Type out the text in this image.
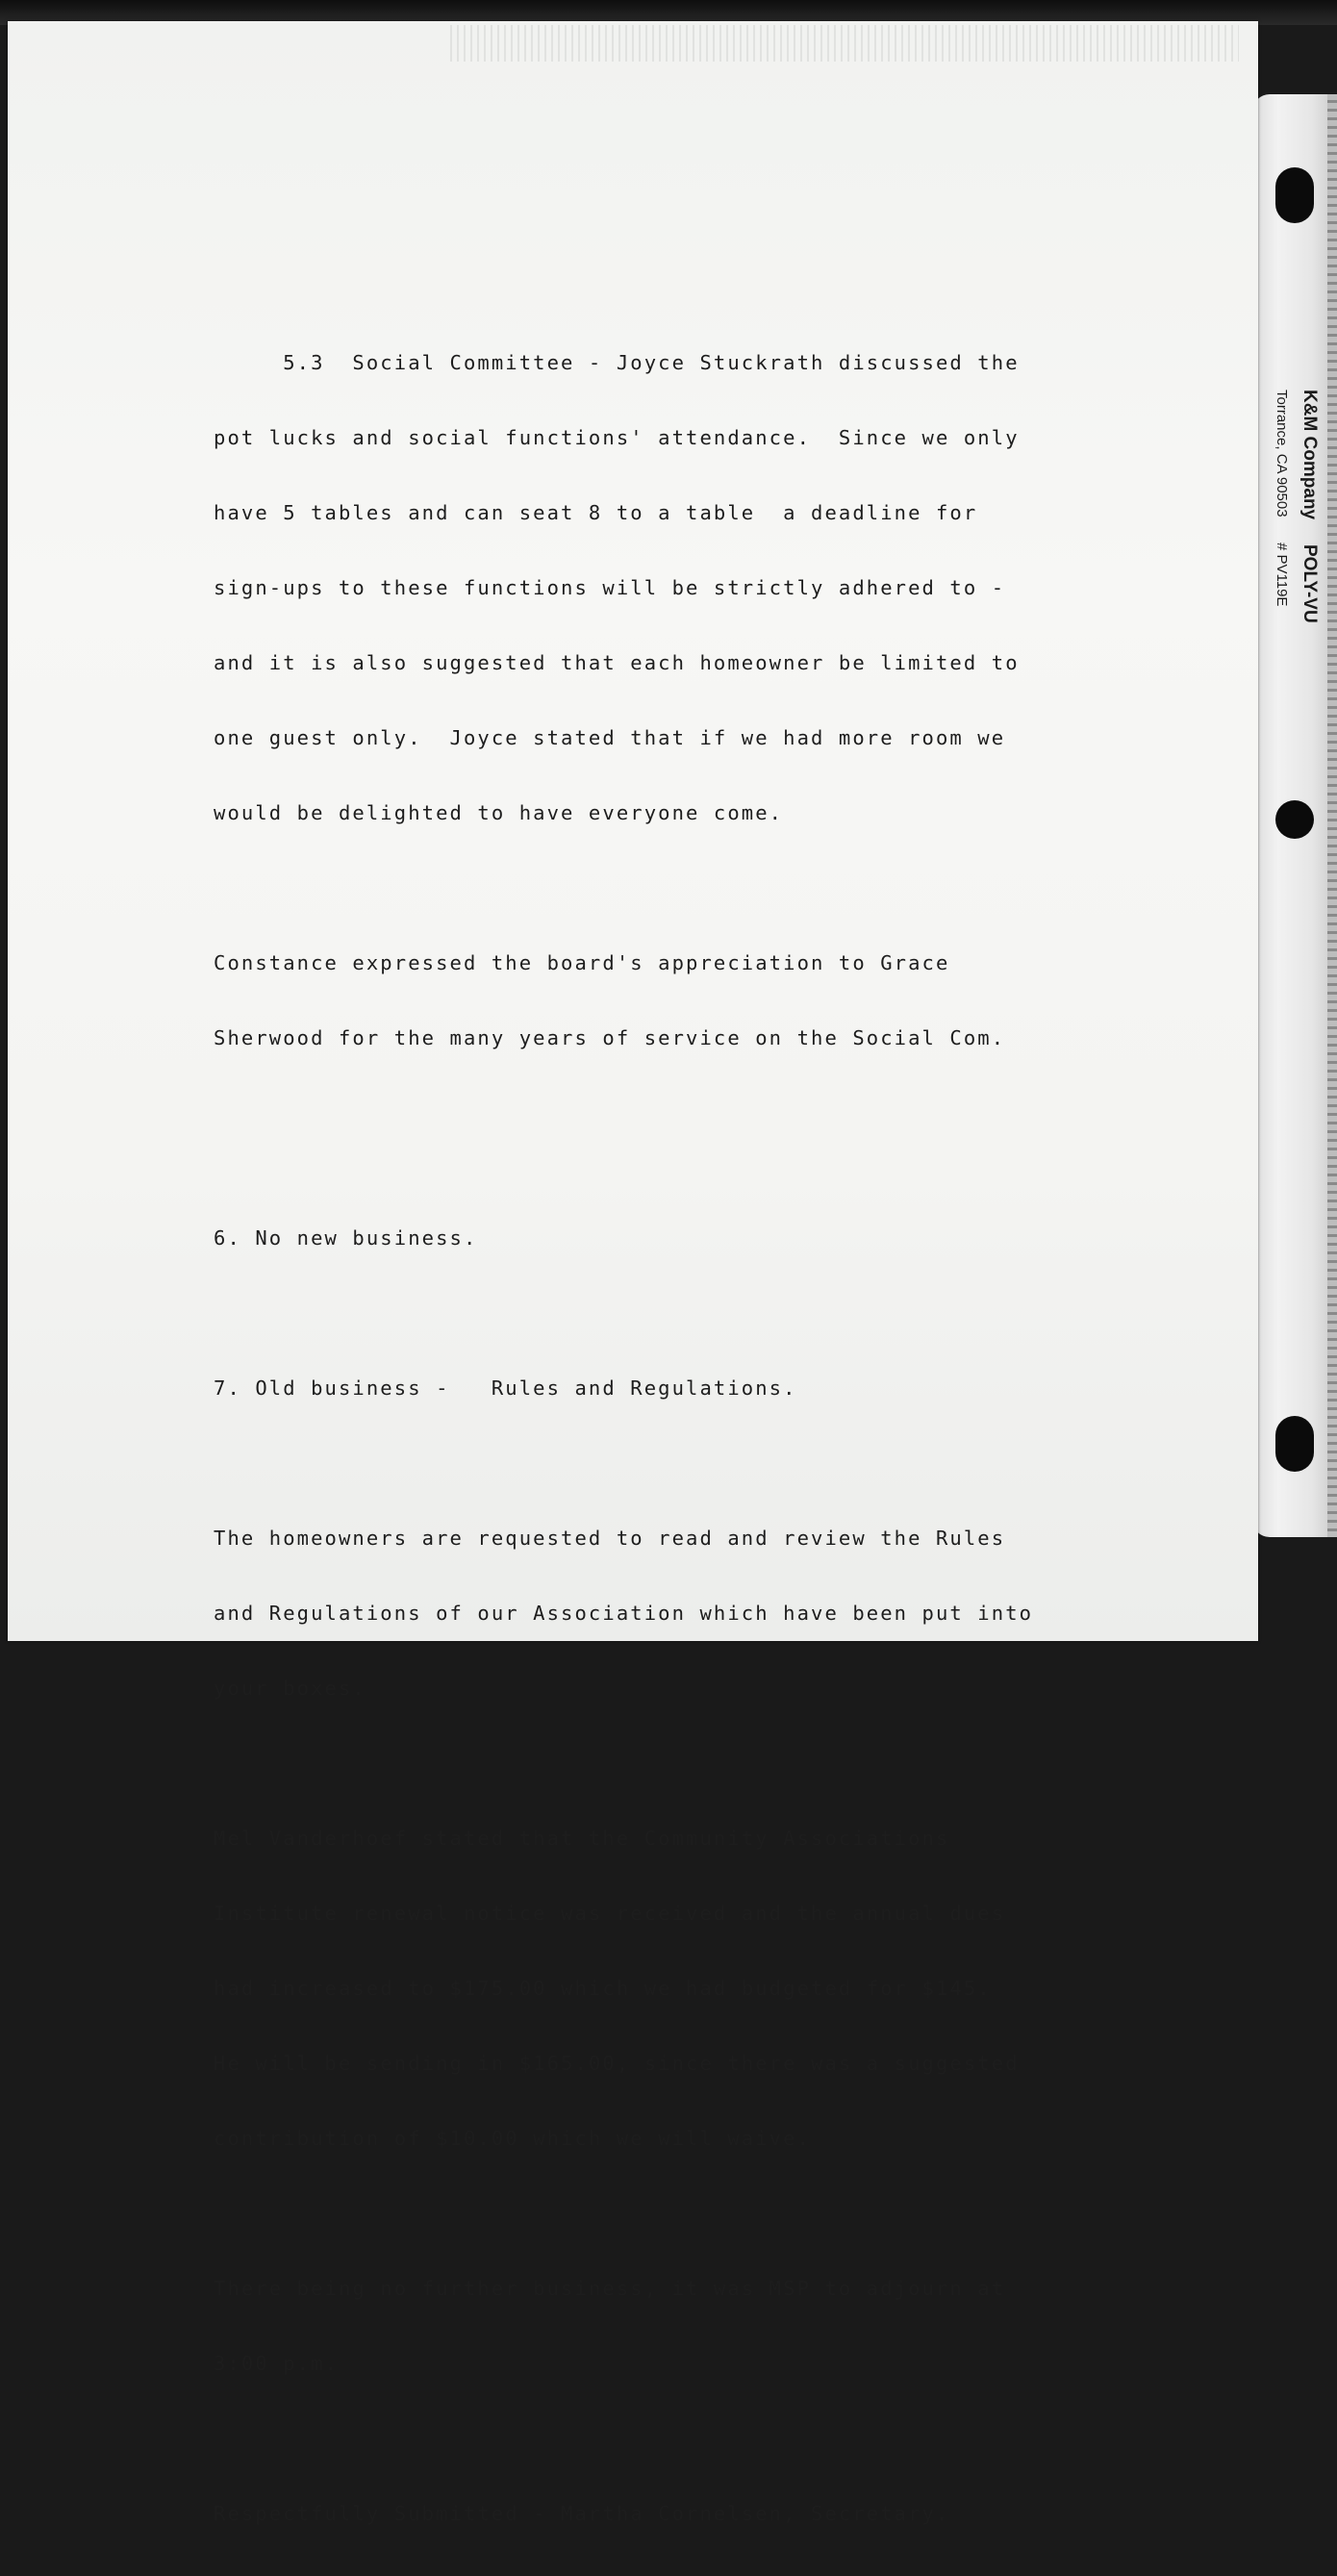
K&M CompanyPOLY-VU
Torrance, CA 90503# PV119E

5.3  Social Committee - Joyce Stuckrath discussed the

pot lucks and social functions' attendance.  Since we only

have 5 tables and can seat 8 to a table  a deadline for

sign-ups to these functions will be strictly adhered to -

and it is also suggested that each homeowner be limited to

one guest only.  Joyce stated that if we had more room we

would be delighted to have everyone come.

Constance expressed the board's appreciation to Grace

Sherwood for the many years of service on the Social Com.

6. No new business.

7. Old business -   Rules and Regulations.

The homeowners are requested to read and review the Rules

and Regulations of our Association which have been put into

your boxes.

Mel Vanderhoef stated that the Community Associations

Institute renewal notice was received and the annual dues

had increased to $175.00 which we had budgeted for $145.

He will be sending in $165.00, since there was a suggested

contribution of $10.00 which we will waive.

There being no further business, it was MSP to adjourn at

3:00 p.m.

Respectfully Submitted - Martha Cornelsen, Secretary.
